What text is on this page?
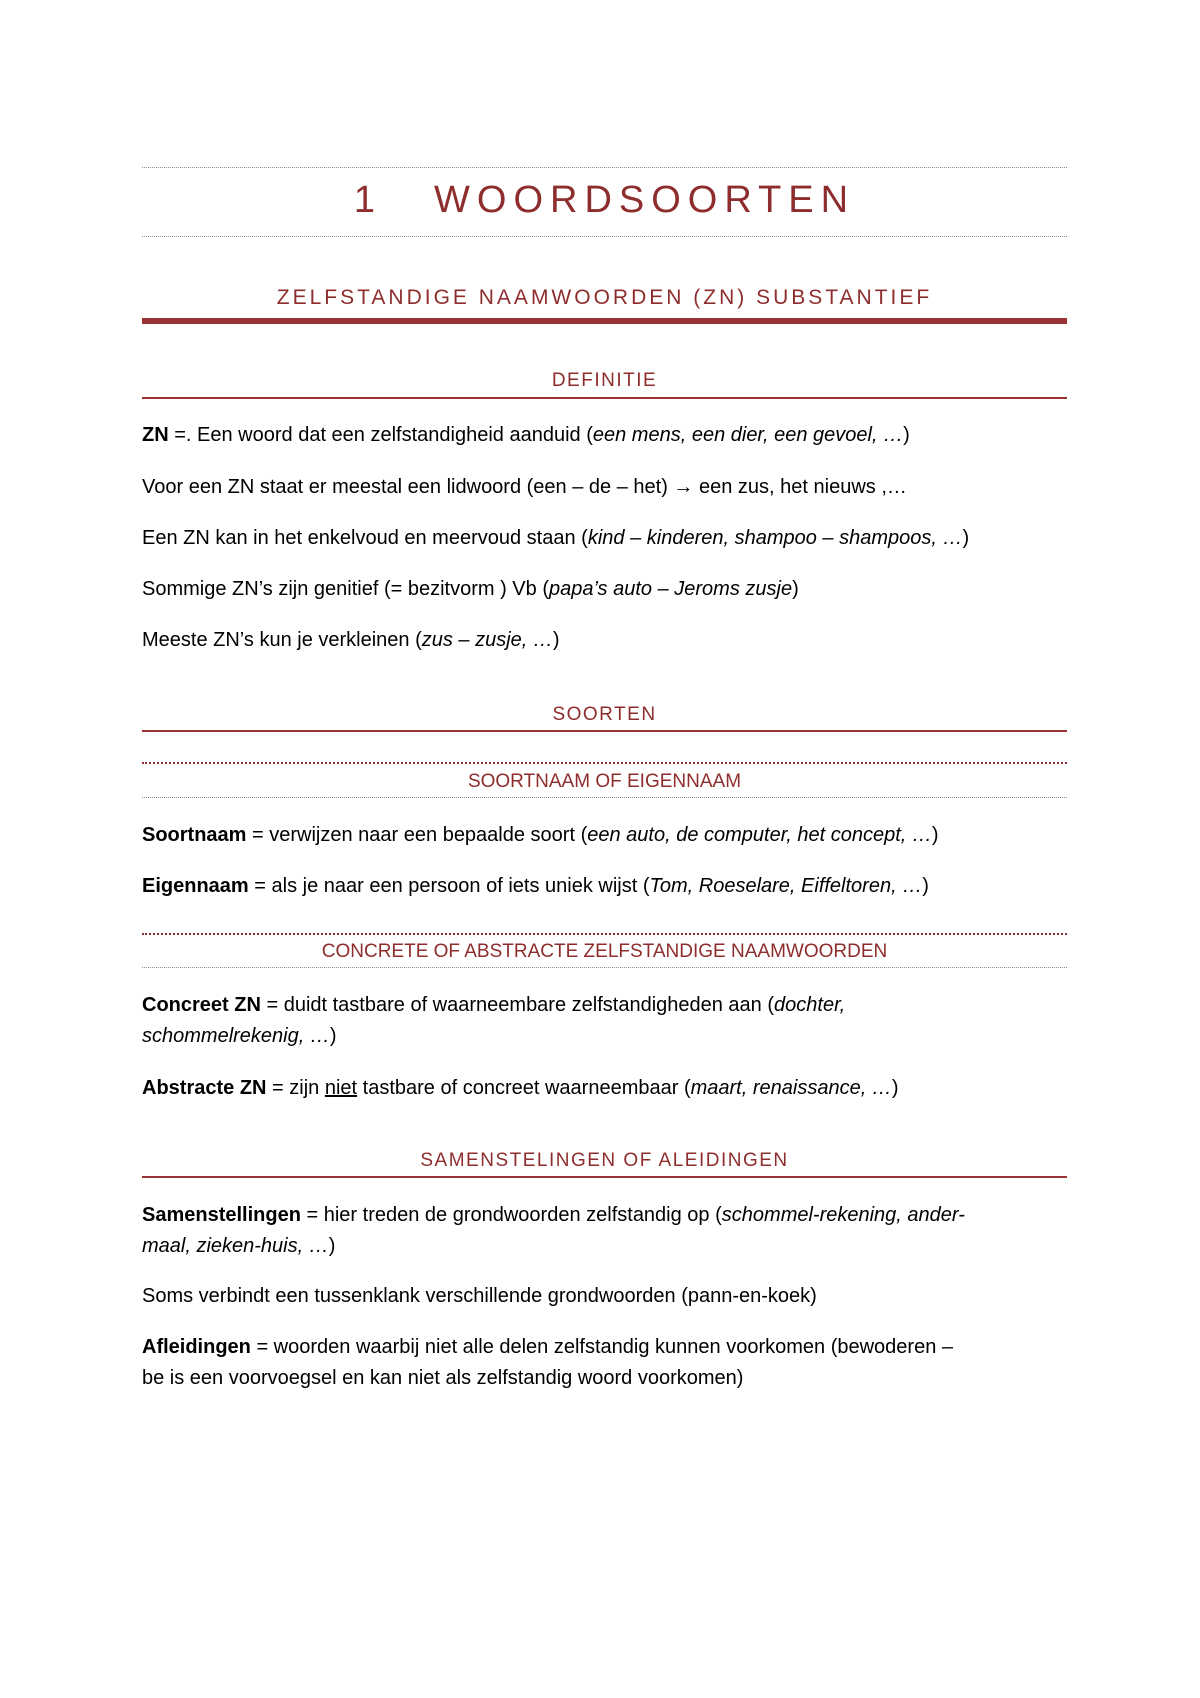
1 WOORDSOORTEN
ZELFSTANDIGE NAAMWOORDEN (ZN) SUBSTANTIEF
DEFINITIE

ZN =. Een woord dat een zelfstandigheid aanduid (een mens, een dier, een gevoel, …)

Voor een ZN staat er meestal een lidwoord (een – de – het) → een zus, het nieuws ,…

Een ZN kan in het enkelvoud en meervoud staan (kind – kinderen, shampoo – shampoos, …)

Sommige ZN’s zijn genitief (= bezitvorm ) Vb (papa’s auto – Jeroms zusje)

Meeste ZN’s kun je verkleinen (zus – zusje, …)

SOORTEN
SOORTNAAM OF EIGENNAAM

Soortnaam = verwijzen naar een bepaalde soort (een auto, de computer, het concept, …)

Eigennaam = als je naar een persoon of iets uniek wijst (Tom, Roeselare, Eiffeltoren, …)

CONCRETE OF ABSTRACTE ZELFSTANDIGE NAAMWOORDEN

Concreet ZN = duidt tastbare of waarneembare zelfstandigheden aan (dochter,
schommelrekenig, …)

Abstracte ZN = zijn niet tastbare of concreet waarneembaar (maart, renaissance, …)

SAMENSTELINGEN OF ALEIDINGEN

Samenstellingen = hier treden de grondwoorden zelfstandig op (schommel-rekening, ander-
maal, zieken-huis, …)

Soms verbindt een tussenklank verschillende grondwoorden (pann-en-koek)

Afleidingen = woorden waarbij niet alle delen zelfstandig kunnen voorkomen (bewoderen –
be is een voorvoegsel en kan niet als zelfstandig woord voorkomen)
